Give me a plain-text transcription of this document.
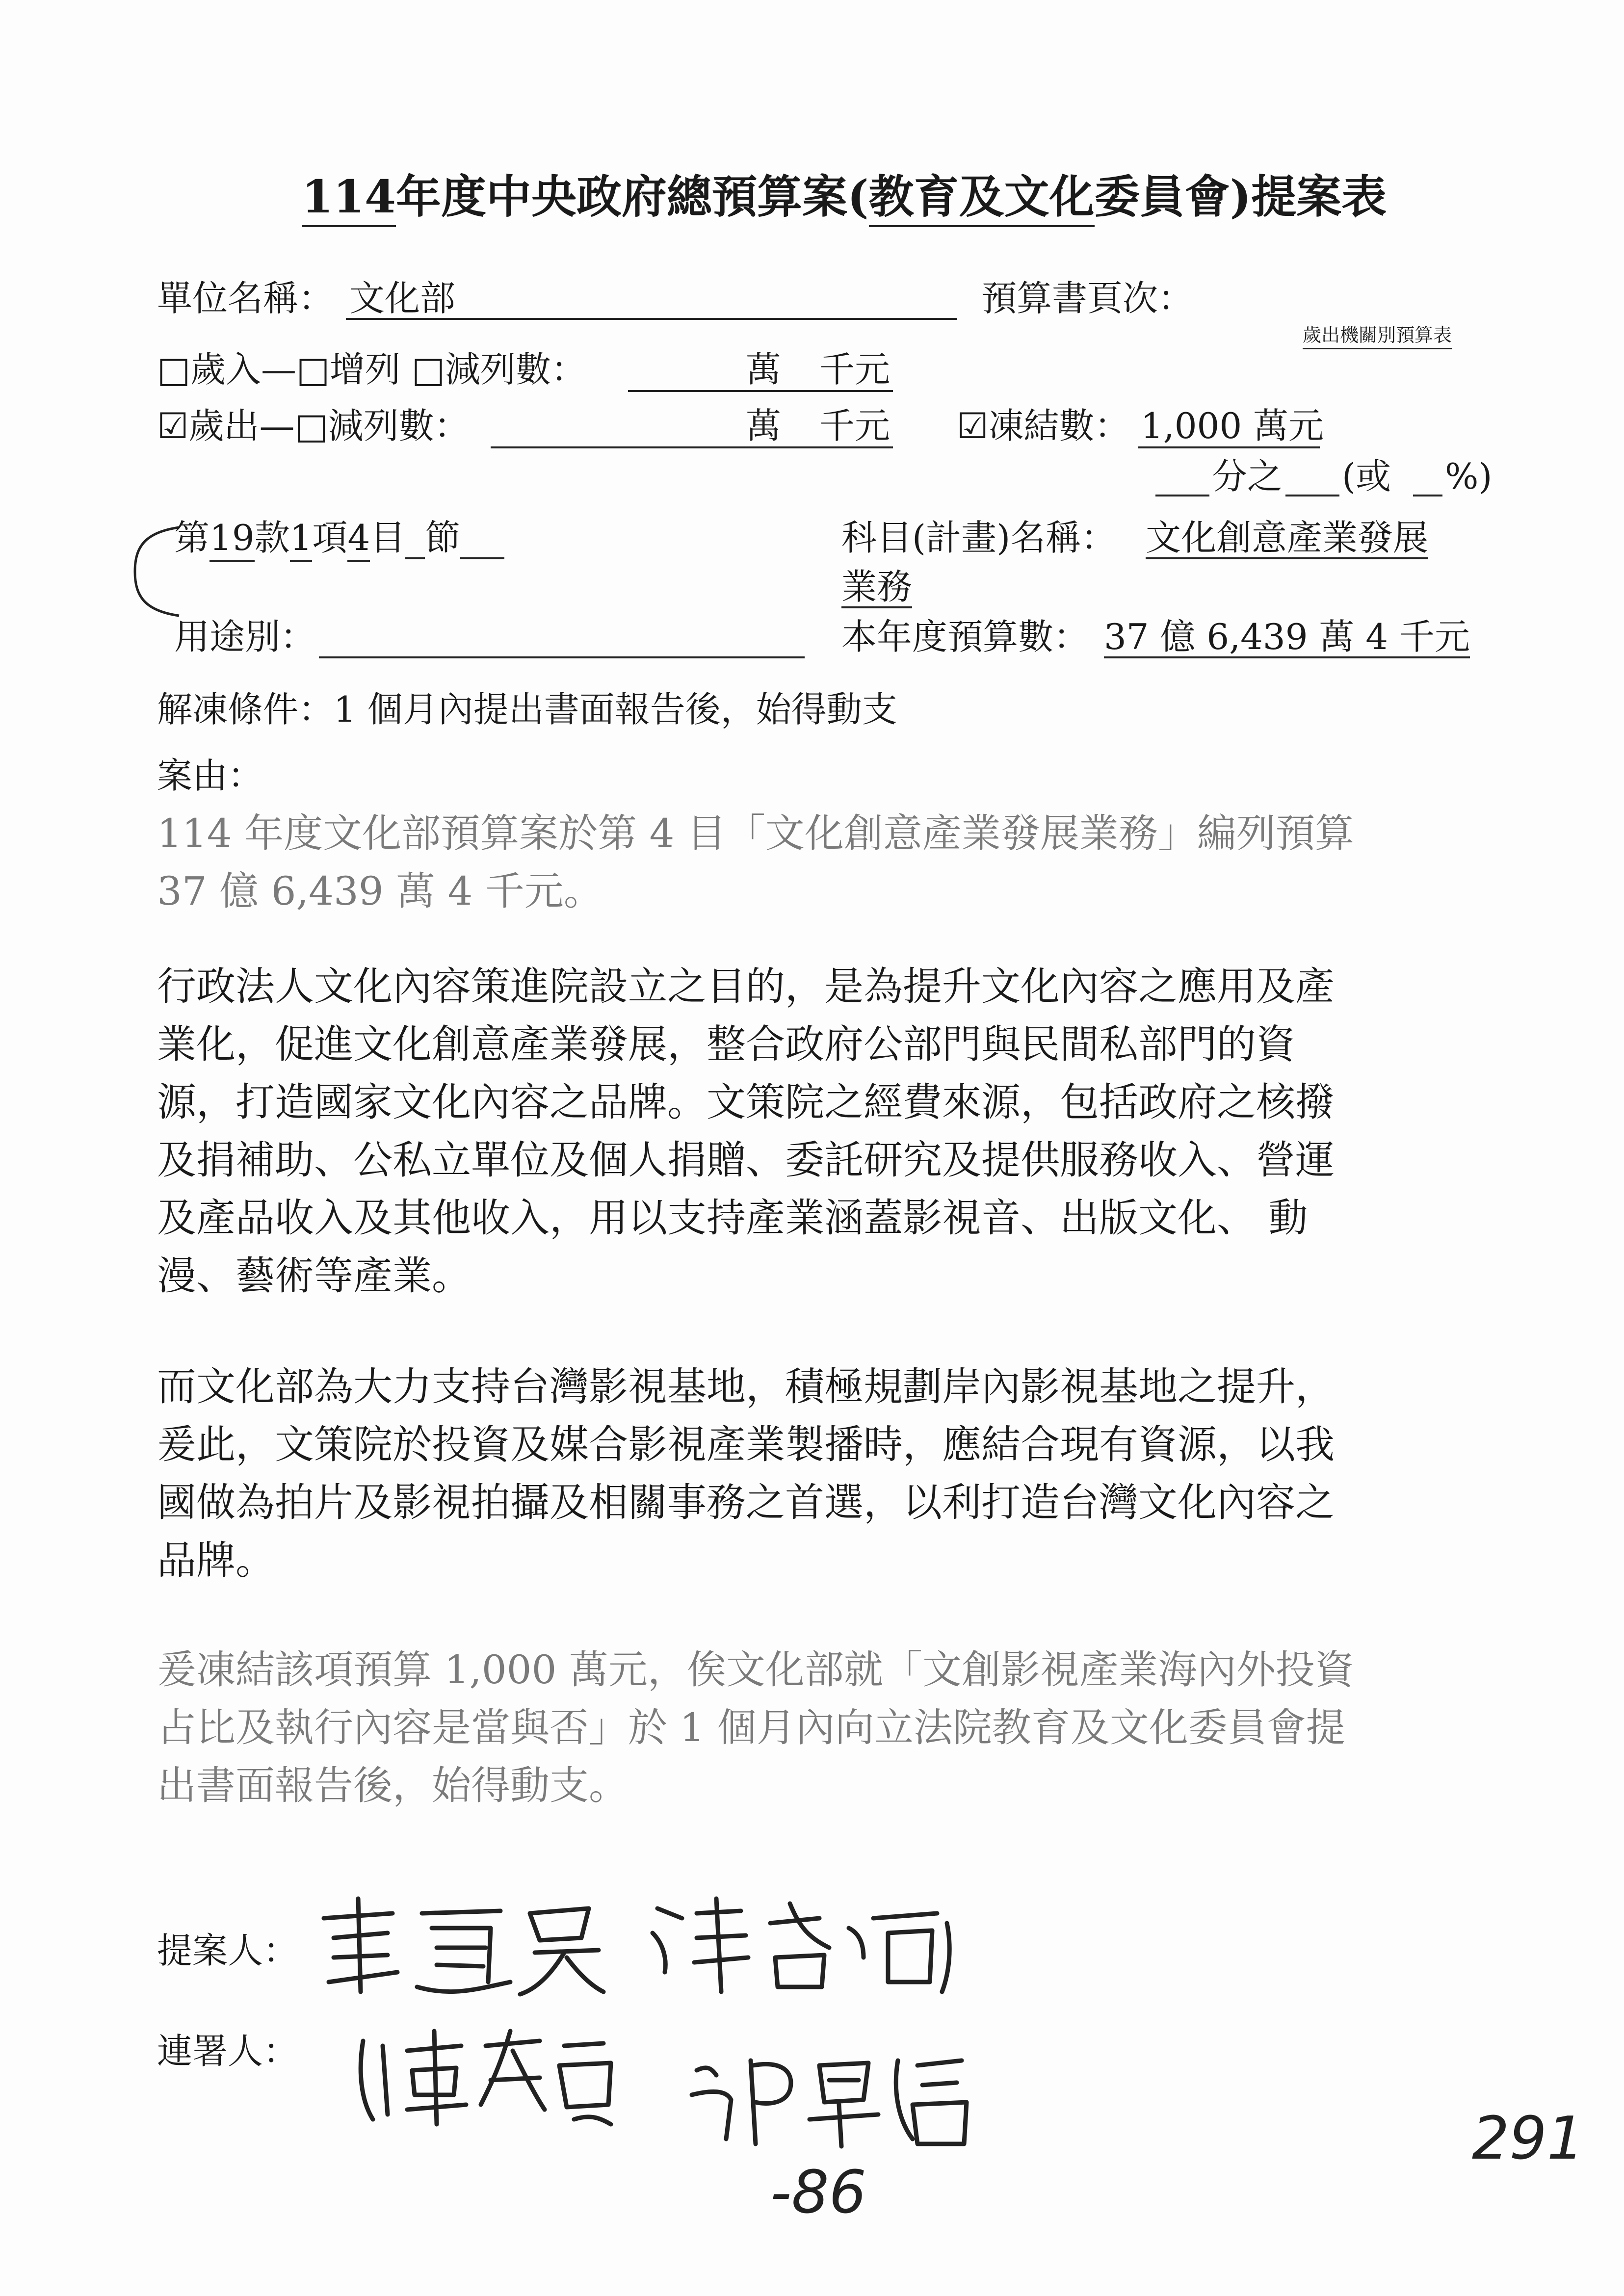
114年度中央政府總預算案(教育及文化委員會)提案表
單位名稱： 文化部	預算書頁次：
歲出機關別預算表
□歲入—□增列 □減列數：	萬 千元
☑歲出—□減列數：	萬 千元 ☑凍結數： 1,000 萬元
分之 (或 %)
第19款1項4目 節	科目(計畫)名稱： 文化創意產業發展
業務
用途別：	本年度預算數： 37 億 6,439 萬 4 千元
解凍條件：1 個月內提出書面報告後，始得動支
案由：

114 年度文化部預算案於第 4 目「文化創意產業發展業務」編列預算

37 億 6,439 萬 4 千元。

行政法人文化內容策進院設立之目的，是為提升文化內容之應用及產

業化，促進文化創意產業發展，整合政府公部門與民間私部門的資

源，打造國家文化內容之品牌。文策院之經費來源，包括政府之核撥

及捐補助、公私立單位及個人捐贈、委託研究及提供服務收入、營運

及產品收入及其他收入，用以支持產業涵蓋影視音、出版文化、 動

漫、藝術等產業。

而文化部為大力支持台灣影視基地，積極規劃岸內影視基地之提升，

爰此，文策院於投資及媒合影視產業製播時，應結合現有資源，以我

國做為拍片及影視拍攝及相關事務之首選，以利打造台灣文化內容之

品牌。

爰凍結該項預算 1,000 萬元，俟文化部就「文創影視產業海內外投資

占比及執行內容是當與否」於 1 個月內向立法院教育及文化委員會提

出書面報告後，始得動支。

提案人：
連署人：
291
-86
